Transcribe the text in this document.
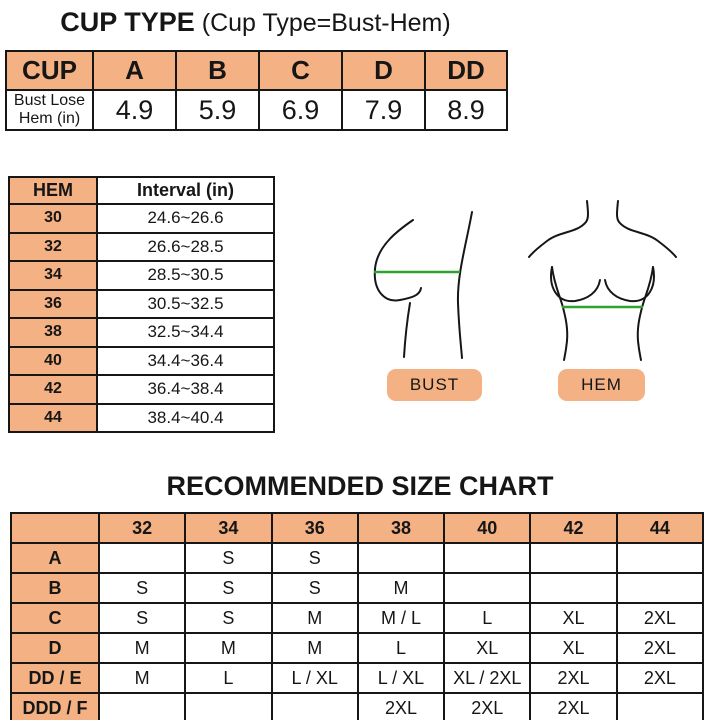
CUP TYPE (Cup Type=Bust-Hem)
CUP	A	B	C	D	DD

Bust Lose
Hem (in)	4.9	5.9	6.9	7.9	8.9
HEM	Interval (in)
30	24.6~26.6
32	26.6~28.5
34	28.5~30.5
36	30.5~32.5
38	32.5~34.4
40	34.4~36.4
42	36.4~38.4
44	38.4~40.4
BUST	HEM
RECOMMENDED SIZE CHART
	32	34	36	38	40	42	44
A		S	S				
B	S	S	S	M			
C	S	S	M	M / L	L	XL	2XL
D	M	M	M	L	XL	XL	2XL
DD / E	M	L	L / XL	L / XL	XL / 2XL	2XL	2XL
DDD / F				2XL	2XL	2XL	
